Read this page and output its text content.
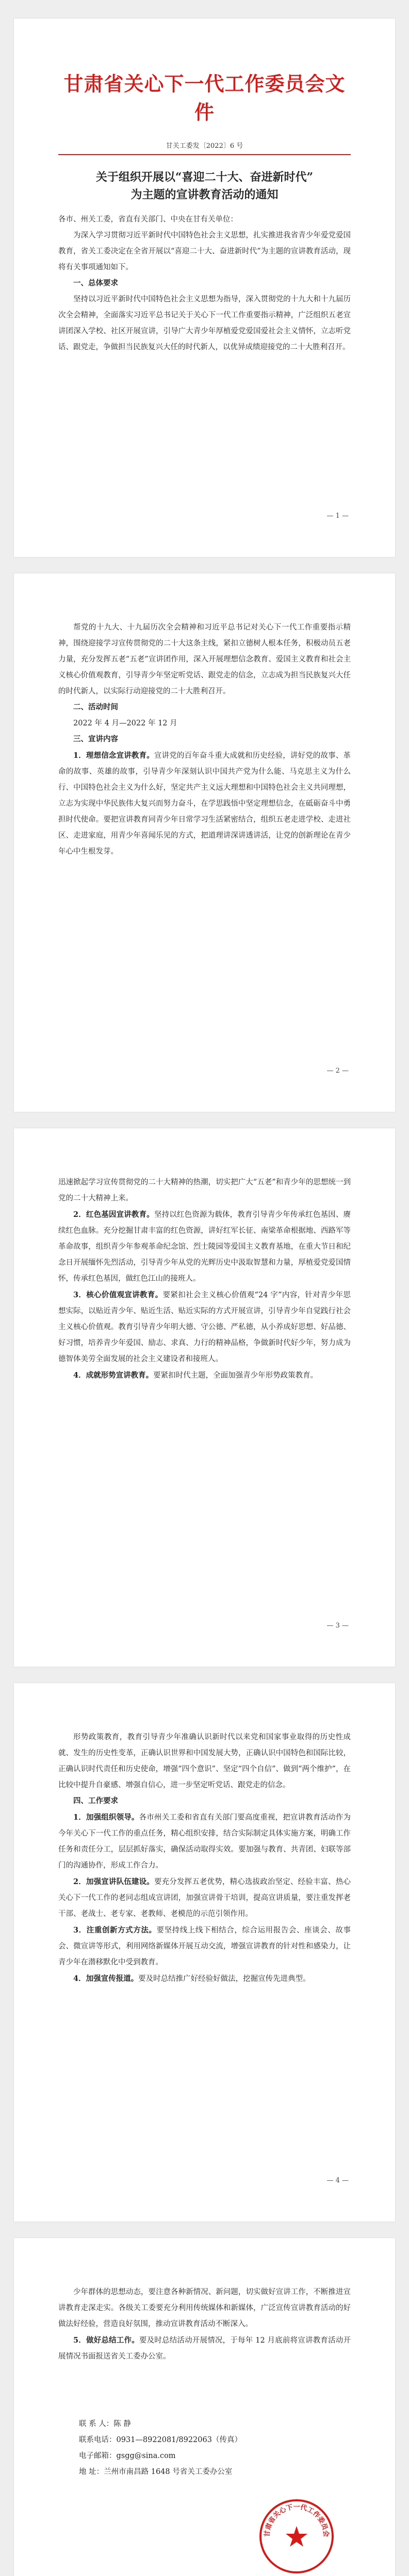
甘肃省关心下一代工作委员会文件
甘关工委发〔2022〕6 号
关于组织开展以“喜迎二十大、奋进新时代”
为主题的宣讲教育活动的通知

各市、州关工委，省直有关部门、中央在甘有关单位：

为深入学习贯彻习近平新时代中国特色社会主义思想，扎实推进我省青少年爱党爱国教育，省关工委决定在全省开展以“喜迎二十大、奋进新时代”为主题的宣讲教育活动，现将有关事项通知如下。

一、总体要求

坚持以习近平新时代中国特色社会主义思想为指导，深入贯彻党的十九大和十九届历次全会精神，全面落实习近平总书记关于关心下一代工作重要指示精神，广泛组织五老宣讲团深入学校、社区开展宣讲，引导广大青少年厚植爱党爱国爱社会主义情怀，立志听党话、跟党走，争做担当民族复兴大任的时代新人，以优异成绩迎接党的二十大胜利召开。

— 1 —

帮党的十九大、十九届历次全会精神和习近平总书记对关心下一代工作重要指示精神，围绕迎接学习宣传贯彻党的二十大这条主线，紧扣立德树人根本任务，积极动员五老力量，充分发挥五老“五老”宣讲团作用，深入开展理想信念教育、爱国主义教育和社会主义核心价值观教育，引导青少年坚定听党话、跟党走的信念，立志成为担当民族复兴大任的时代新人，以实际行动迎接党的二十大胜利召开。

二、活动时间

2022 年 4 月—2022 年 12 月

三、宣讲内容

1．理想信念宣讲教育。宣讲党的百年奋斗重大成就和历史经验，讲好党的故事、革命的故事、英雄的故事，引导青少年深刻认识中国共产党为什么能、马克思主义为什么行、中国特色社会主义为什么好，坚定共产主义远大理想和中国特色社会主义共同理想，立志为实现中华民族伟大复兴而努力奋斗，在学思践悟中坚定理想信念，在砥砺奋斗中勇担时代使命。要把宣讲教育同青少年日常学习生活紧密结合，组织五老走进学校、走进社区、走进家庭，用青少年喜闻乐见的方式，把道理讲深讲透讲活，让党的创新理论在青少年心中生根发芽。

— 2 —

迅速掀起学习宣传贯彻党的二十大精神的热潮，切实把广大“五老”和青少年的思想统一到党的二十大精神上来。

2．红色基因宣讲教育。坚持以红色资源为载体，教育引导青少年传承红色基因、赓续红色血脉。充分挖掘甘肃丰富的红色资源，讲好红军长征、南梁革命根据地、西路军等革命故事，组织青少年参观革命纪念馆、烈士陵园等爱国主义教育基地，在重大节日和纪念日开展缅怀先烈活动，引导青少年从党的光辉历史中汲取智慧和力量，厚植爱党爱国情怀，传承红色基因，做红色江山的接班人。

3．核心价值观宣讲教育。要紧扣社会主义核心价值观“24 字”内容，针对青少年思想实际，以贴近青少年、贴近生活、贴近实际的方式开展宣讲，引导青少年自觉践行社会主义核心价值观。教育引导青少年明大德、守公德、严私德，从小养成好思想、好品德、好习惯，培养青少年爱国、励志、求真、力行的精神品格，争做新时代好少年，努力成为德智体美劳全面发展的社会主义建设者和接班人。

4．成就形势宣讲教育。要紧扣时代主题，全面加强青少年形势政策教育。

— 3 —

形势政策教育，教育引导青少年准确认识新时代以来党和国家事业取得的历史性成就、发生的历史性变革，正确认识世界和中国发展大势，正确认识中国特色和国际比较，正确认识时代责任和历史使命，增强“四个意识”、坚定“四个自信”、做到“两个维护”，在比较中提升自豪感、增强自信心，进一步坚定听党话、跟党走的信念。

四、工作要求

1．加强组织领导。各市州关工委和省直有关部门要高度重视，把宣讲教育活动作为今年关心下一代工作的重点任务，精心组织安排，结合实际制定具体实施方案，明确工作任务和责任分工，层层抓好落实，确保活动取得实效。要加强与教育、共青团、妇联等部门的沟通协作，形成工作合力。

2．加强宣讲队伍建设。要充分发挥五老优势，精心选拔政治坚定、经验丰富、热心关心下一代工作的老同志组成宣讲团，加强宣讲骨干培训，提高宣讲质量，要注重发挥老干部、老战士、老专家、老教师、老模范的示范引领作用。

3．注重创新方式方法。要坚持线上线下相结合，综合运用报告会、座谈会、故事会、微宣讲等形式，利用网络新媒体开展互动交流，增强宣讲教育的针对性和感染力，让青少年在潜移默化中受到教育。

4．加强宣传报道。要及时总结推广好经验好做法，挖掘宣传先进典型。

— 4 —

少年群体的思想动态，要注意各种新情况、新问题，切实做好宣讲工作，不断推进宣讲教育走深走实。各级关工委要充分利用传统媒体和新媒体，广泛宣传宣讲教育活动的好做法好经验，营造良好氛围，推动宣讲教育活动不断深入。

5．做好总结工作。要及时总结活动开展情况，于每年 12 月底前将宣讲教育活动开展情况书面报送省关工委办公室。

联 系 人：陈 静
联系电话：0931—8922081/8922063（传真）
电子邮箱：gsgg@sina.com
地 址：兰州市南昌路 1648 号省关工委办公室
甘肃省关心下一代工作委员会
